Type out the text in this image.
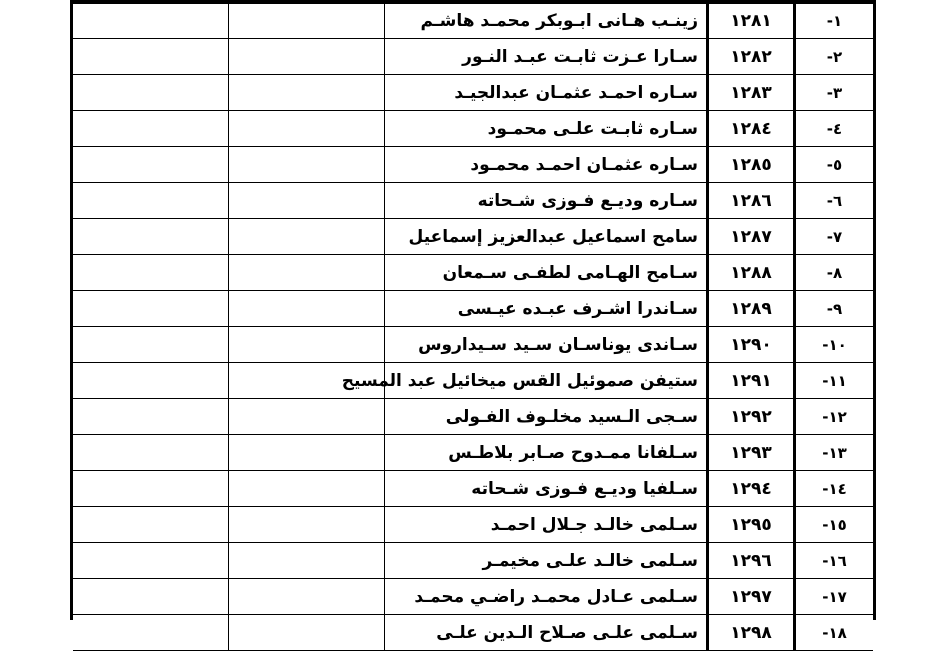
زينـب هـانى ابـوبكر محمـد هاشـم ١٢٨١	-١
سـارا عـزت ثابـت عبـد النـور ١٢٨٢	-٢
سـاره احمـد عثمـان عبدالجيـد ١٢٨٣	-٣
سـاره ثابـت علـى محمـود ١٢٨٤	-٤
سـاره عثمـان احمـد محمـود ١٢٨٥	-٥
سـاره وديـع فـوزى شـحاته ١٢٨٦	-٦
سامح اسماعيل عبدالعزيز إسماعيل ١٢٨٧	-٧
سـامح الهـامى لطفـى سـمعان ١٢٨٨	-٨
سـاندرا اشـرف عبـده عيـسى ١٢٨٩	-٩
سـاندى يوناسـان سـيد سـيداروس ١٢٩٠	-١٠
ستيفن صموئيل القس ميخائيل عبد المسيح ١٢٩١	-١١
سـجى الـسيد مخلـوف الفـولى ١٢٩٢	-١٢
سـلفانا ممـدوح صـابر بلاطـس ١٢٩٣	-١٣
سـلفيا وديـع فـوزى شـحاته ١٢٩٤	-١٤
سـلمى خالـد جـلال احمـد ١٢٩٥	-١٥
سـلمى خالـد علـى مخيمـر ١٢٩٦	-١٦
سـلمى عـادل محمـد راضـي محمـد ١٢٩٧	-١٧
سـلمى علـى صـلاح الـدين علـى ١٢٩٨	-١٨
